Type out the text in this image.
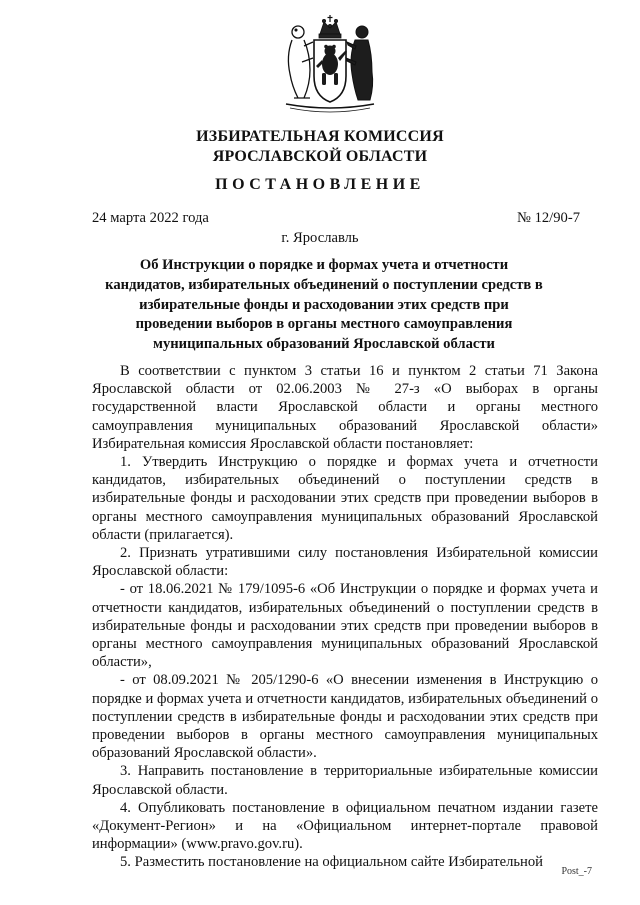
ИЗБИРАТЕЛЬНАЯ КОМИССИЯ
ЯРОСЛАВСКОЙ ОБЛАСТИ
ПОСТАНОВЛЕНИЕ
24 марта 2022 года	№ 12/90-7
г. Ярославль
Об Инструкции о порядке и формах учета и отчетности кандидатов, избирательных объединений о поступлении средств в избирательные фонды и расходовании этих средств при проведении выборов в органы местного самоуправления муниципальных образований Ярославской области

В соответствии с пунктом 3 статьи 16 и пунктом 2 статьи 71 Закона Ярославской области от 02.06.2003 № 27-з «О выборах в органы государственной власти Ярославской области и органы местного самоуправления муниципальных образований Ярославской области» Избирательная комиссия Ярославской области постановляет:

1. Утвердить Инструкцию о порядке и формах учета и отчетности кандидатов, избирательных объединений о поступлении средств в избирательные фонды и расходовании этих средств при проведении выборов в органы местного самоуправления муниципальных образований Ярославской области (прилагается).

2. Признать утратившими силу постановления Избирательной комиссии Ярославской области:

- от 18.06.2021 № 179/1095-6 «Об Инструкции о порядке и формах учета и отчетности кандидатов, избирательных объединений о поступлении средств в избирательные фонды и расходовании этих средств при проведении выборов в органы местного самоуправления муниципальных образований Ярославской области»,

- от 08.09.2021 № 205/1290-6 «О внесении изменения в Инструкцию о порядке и формах учета и отчетности кандидатов, избирательных объединений о поступлении средств в избирательные фонды и расходовании этих средств при проведении выборов в органы местного самоуправления муниципальных образований Ярославской области».

3. Направить постановление в территориальные избирательные комиссии Ярославской области.

4. Опубликовать постановление в официальном печатном издании газете «Документ-Регион» и на «Официальном интернет-портале правовой информации» (www.pravo.gov.ru).

5. Разместить постановление на официальном сайте Избирательной

Post_-7
